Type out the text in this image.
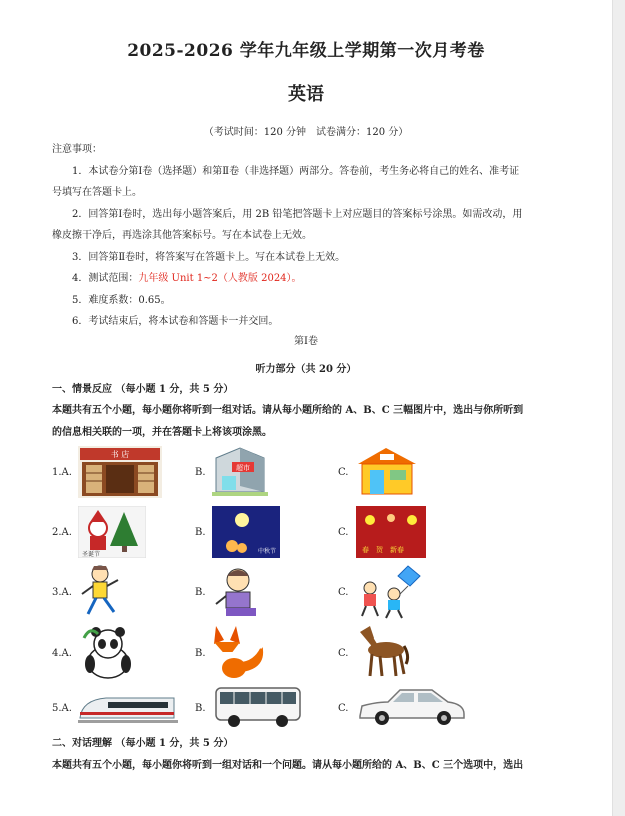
2025-2026 学年九年级上学期第一次月考卷
英语
（考试时间：120 分钟　试卷满分：120 分）
注意事项：
1．本试卷分第Ⅰ卷（选择题）和第Ⅱ卷（非选择题）两部分。答卷前，考生务必将自己的姓名、准考证
号填写在答题卡上。
2．回答第Ⅰ卷时，选出每小题答案后，用 2B 铅笔把答题卡上对应题目的答案标号涂黑。如需改动，用
橡皮擦干净后，再选涂其他答案标号。写在本试卷上无效。
3．回答第Ⅱ卷时，将答案写在答题卡上。写在本试卷上无效。
4．测试范围：九年级 Unit 1~2（人教版 2024）。
5．难度系数：0.65。
6．考试结束后，将本试卷和答题卡一并交回。
第Ⅰ卷
听力部分（共 20 分）
一、情景反应 （每小题 1 分，共 5 分）
本题共有五个小题，每小题你将听到一组对话。请从每小题所给的 A、B、C 三幅图片中，选出与你所听到
的信息相关联的一项，并在答题卡上将该项涂黑。
1.A.
书 店
B.	超市	C.
2.A.
圣诞节
B.
中秋节
C.
春　贺　新春
3.A.	B.	C.
4.A.	B.	C.
5.A.	B.	C.
二、对话理解 （每小题 1 分，共 5 分）
本题共有五个小题，每小题你将听到一组对话和一个问题。请从每小题所给的 A、B、C 三个选项中，选出
